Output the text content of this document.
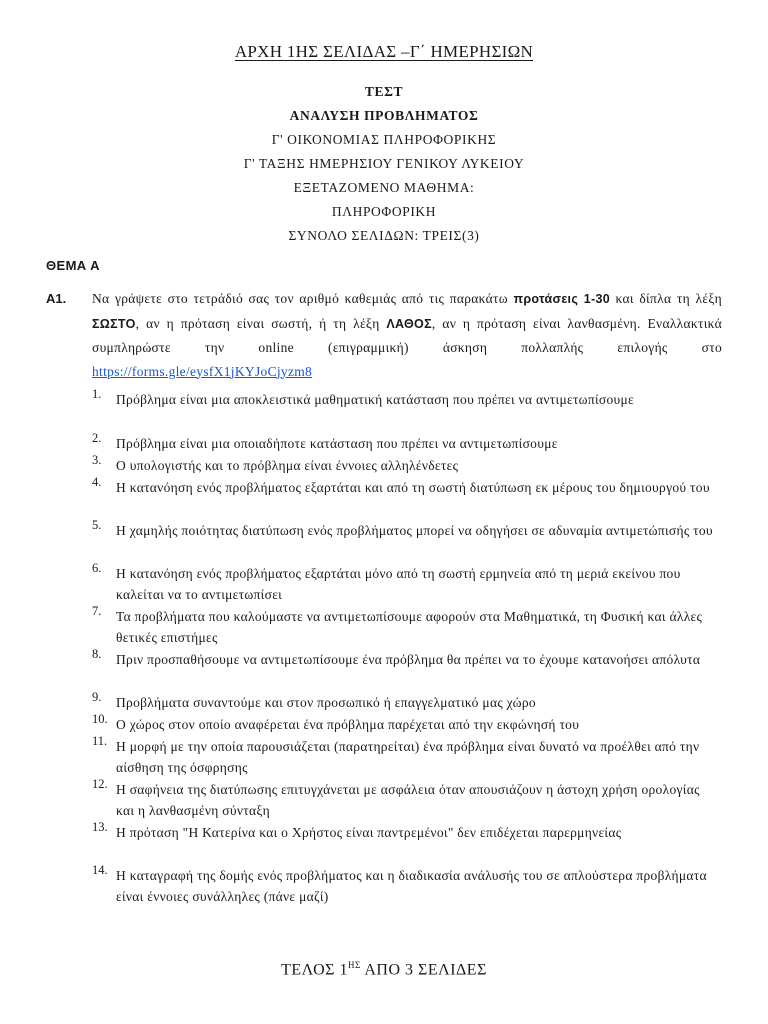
ΑΡΧΗ 1ΗΣ ΣΕΛΙΔΑΣ –Γ΄ ΗΜΕΡΗΣΙΩΝ
ΤΕΣΤ
ΑΝΑΛΥΣΗ ΠΡΟΒΛΗΜΑΤΟΣ
Γ' ΟΙΚΟΝΟΜΙΑΣ ΠΛΗΡΟΦΟΡΙΚΗΣ
Γ' ΤΑΞΗΣ ΗΜΕΡΗΣΙΟΥ ΓΕΝΙΚΟΥ ΛΥΚΕΙΟΥ
ΕΞΕΤΑΖΟΜΕΝΟ ΜΑΘΗΜΑ:
ΠΛΗΡΟΦΟΡΙΚΗ
ΣΥΝΟΛΟ ΣΕΛΙΔΩΝ: ΤΡΕΙΣ(3)
ΘΕΜΑ Α
Α1. Να γράψετε στο τετράδιό σας τον αριθμό καθεμιάς από τις παρακάτω προτάσεις 1-30 και δίπλα τη λέξη ΣΩΣΤΟ, αν η πρόταση είναι σωστή, ή τη λέξη ΛΑΘΟΣ, αν η πρόταση είναι λανθασμένη. Εναλλακτικά συμπληρώστε την online (επιγραμμική) άσκηση πολλαπλής επιλογής στο https://forms.gle/eysfX1jKYJoCjyzm8
1. Πρόβλημα είναι μια αποκλειστικά μαθηματική κατάσταση που πρέπει να αντιμετωπίσουμε
2. Πρόβλημα είναι μια οποιαδήποτε κατάσταση που πρέπει να αντιμετωπίσουμε
3. Ο υπολογιστής και το πρόβλημα είναι έννοιες αλληλένδετες
4. Η κατανόηση ενός προβλήματος εξαρτάται και από τη σωστή διατύπωση εκ μέρους του δημιουργού του
5. Η χαμηλής ποιότητας διατύπωση ενός προβλήματος μπορεί να οδηγήσει σε αδυναμία αντιμετώπισής του
6. Η κατανόηση ενός προβλήματος εξαρτάται μόνο από τη σωστή ερμηνεία από τη μεριά εκείνου που καλείται να το αντιμετωπίσει
7. Τα προβλήματα που καλούμαστε να αντιμετωπίσουμε αφορούν στα Μαθηματικά, τη Φυσική και άλλες θετικές επιστήμες
8. Πριν προσπαθήσουμε να αντιμετωπίσουμε ένα πρόβλημα θα πρέπει να το έχουμε κατανοήσει απόλυτα
9. Προβλήματα συναντούμε και στον προσωπικό ή επαγγελματικό μας χώρο
10. Ο χώρος στον οποίο αναφέρεται ένα πρόβλημα παρέχεται από την εκφώνησή του
11. Η μορφή με την οποία παρουσιάζεται (παρατηρείται) ένα πρόβλημα είναι δυνατό να προέλθει από την αίσθηση της όσφρησης
12. Η σαφήνεια της διατύπωσης επιτυγχάνεται με ασφάλεια όταν απουσιάζουν η άστοχη χρήση ορολογίας και η λανθασμένη σύνταξη
13. Η πρόταση "Η Κατερίνα και ο Χρήστος είναι παντρεμένοι" δεν επιδέχεται παρερμηνείας
14. Η καταγραφή της δομής ενός προβλήματος και η διαδικασία ανάλυσής του σε απλούστερα προβλήματα είναι έννοιες συνάλληλες (πάνε μαζί)
ΤΕΛΟΣ $1^{H\Sigma}$ ΑΠΟ 3 ΣΕΛΙΔΕΣ
